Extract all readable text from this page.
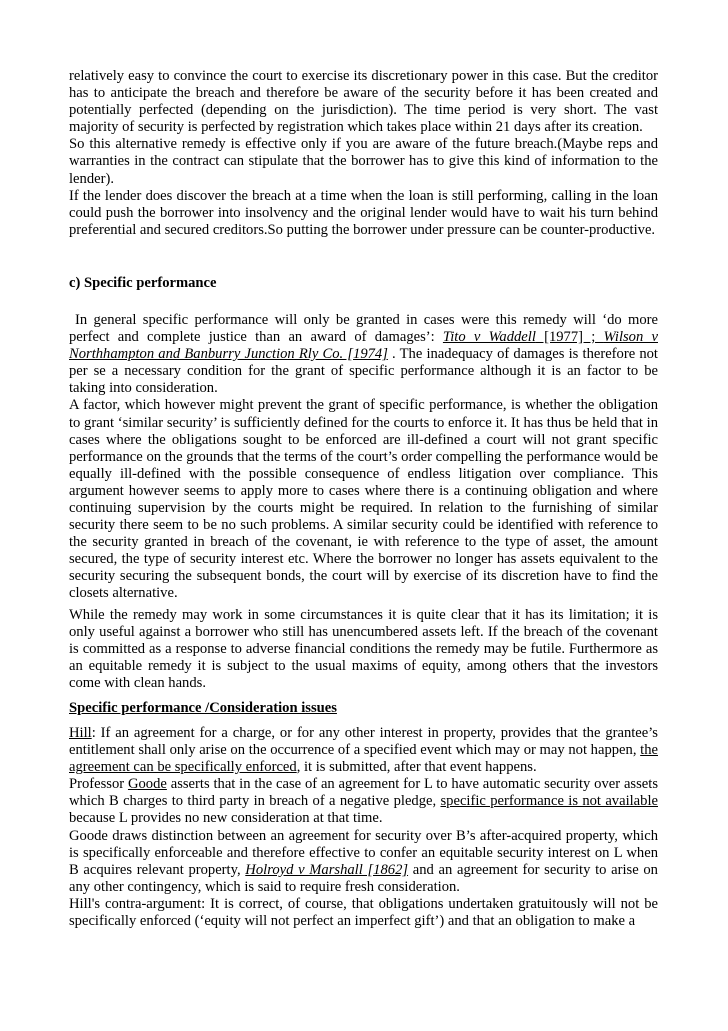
relatively easy to convince the court to exercise its discretionary power in this case. But the creditor has to anticipate the breach and therefore be aware of the security before it has been created and potentially perfected (depending on the jurisdiction). The time period is very short. The vast majority of security is perfected by registration which takes place within 21 days after its creation.

So this alternative remedy is effective only if you are aware of the future breach.(Maybe reps and warranties in the contract can stipulate that the borrower has to give this kind of information to the lender).

If the lender does discover the breach at a time when the loan is still performing, calling in the loan could push the borrower into insolvency and the original lender would have to wait his turn behind preferential and secured creditors.So putting the borrower under pressure can be counter-productive.

c) Specific performance

In general specific performance will only be granted in cases were this remedy will ‘do more perfect and complete justice than an award of damages’: Tito v Waddell [1977] ; Wilson v Northhampton and Banburry Junction Rly Co. [1974] . The inadequacy of damages is therefore not per se a necessary condition for the grant of specific performance although it is an factor to be taking into consideration.

A factor, which however might prevent the grant of specific performance, is whether the obligation to grant ‘similar security’ is sufficiently defined for the courts to enforce it. It has thus be held that in cases where the obligations sought to be enforced are ill-defined a court will not grant specific performance on the grounds that the terms of the court’s order compelling the performance would be equally ill-defined with the possible consequence of endless litigation over compliance. This argument however seems to apply more to cases where there is a continuing obligation and where continuing supervision by the courts might be required. In relation to the furnishing of similar security there seem to be no such problems. A similar security could be identified with reference to the security granted in breach of the covenant, ie with reference to the type of asset, the amount secured, the type of security interest etc. Where the borrower no longer has assets equivalent to the security securing the subsequent bonds, the court will by exercise of its discretion have to find the closets alternative.

While the remedy may work in some circumstances it is quite clear that it has its limitation; it is only useful against a borrower who still has unencumbered assets left. If the breach of the covenant is committed as a response to adverse financial conditions the remedy may be futile. Furthermore as an equitable remedy it is subject to the usual maxims of equity, among others that the investors come with clean hands.

Specific performance /Consideration issues

Hill: If an agreement for a charge, or for any other interest in property, provides that the grantee’s entitlement shall only arise on the occurrence of a specified event which may or may not happen, the agreement can be specifically enforced, it is submitted, after that event happens.

Professor Goode asserts that in the case of an agreement for L to have automatic security over assets which B charges to third party in breach of a negative pledge, specific performance is not available because L provides no new consideration at that time.

Goode draws distinction between an agreement for security over B’s after-acquired property, which is specifically enforceable and therefore effective to confer an equitable security interest on L when B acquires relevant property, Holroyd v Marshall [1862] and an agreement for security to arise on any other contingency, which is said to require fresh consideration.

Hill's contra-argument: It is correct, of course, that obligations undertaken gratuitously will not be specifically enforced (‘equity will not perfect an imperfect gift’) and that an obligation to make a
